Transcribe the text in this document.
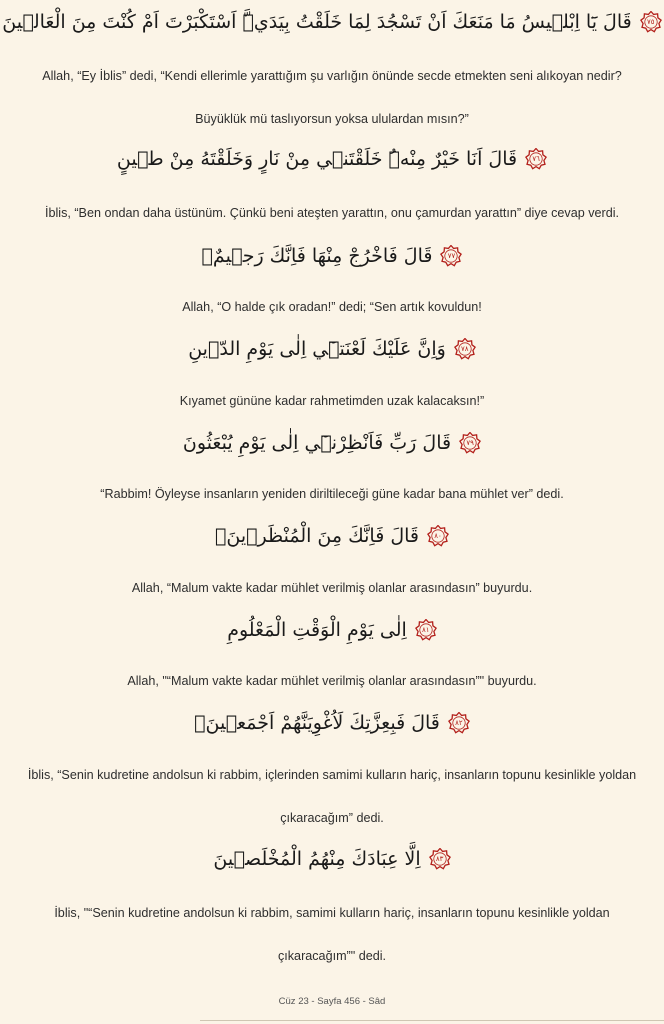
قَالَ يَٓا اِبْلٖيسُ مَا مَنَعَكَ اَنْ تَسْجُدَ لِمَا خَلَقْتُ بِيَدَيَّۜ اَسْتَكْبَرْتَ اَمْ كُنْتَ مِنَ الْعَالٖينَ	٧٥
Allah, “Ey İblis” dedi, “Kendi ellerimle yarattığım şu varlığın önünde secde etmekten seni alıkoyan nedir?
Büyüklük mü taslıyorsun yoksa ululardan mısın?”
قَالَ اَنَا خَيْرٌ مِنْهُۜ خَلَقْتَنٖي مِنْ نَارٍ وَخَلَقْتَهُ مِنْ طٖينٍ	٧٦
İblis, “Ben ondan daha üstünüm. Çünkü beni ateşten yarattın, onu çamurdan yarattın” diye cevap verdi.
قَالَ فَاخْرُجْ مِنْهَا فَاِنَّكَ رَجٖيمٌۚ	٧٧
Allah, “O halde çık oradan!” dedi; “Sen artık kovuldun!
وَاِنَّ عَلَيْكَ لَعْنَتٖٓي اِلٰى يَوْمِ الدّٖينِ	٧٨
Kıyamet gününe kadar rahmetimden uzak kalacaksın!”
قَالَ رَبِّ فَاَنْظِرْنٖٓي اِلٰى يَوْمِ يُبْعَثُونَ	٧٩
“Rabbim! Öyleyse insanların yeniden diriltileceği güne kadar bana mühlet ver” dedi.
قَالَ فَاِنَّكَ مِنَ الْمُنْظَرٖينَۙ	٨٠
Allah, “Malum vakte kadar mühlet verilmiş olanlar arasındasın” buyurdu.
اِلٰى يَوْمِ الْوَقْتِ الْمَعْلُومِ	٨١
Allah, "“Malum vakte kadar mühlet verilmiş olanlar arasındasın”" buyurdu.
قَالَ فَبِعِزَّتِكَ لَاُغْوِيَنَّهُمْ اَجْمَعٖينَۙ	٨٢
İblis, “Senin kudretine andolsun ki rabbim, içlerinden samimi kulların hariç, insanların topunu kesinlikle yoldan
çıkaracağım” dedi.
اِلَّا عِبَادَكَ مِنْهُمُ الْمُخْلَصٖينَ	٨٣
İblis, "“Senin kudretine andolsun ki rabbim, samimi kulların hariç, insanların topunu kesinlikle yoldan
çıkaracağım”" dedi.
Cüz 23 - Sayfa 456 - Sâd
